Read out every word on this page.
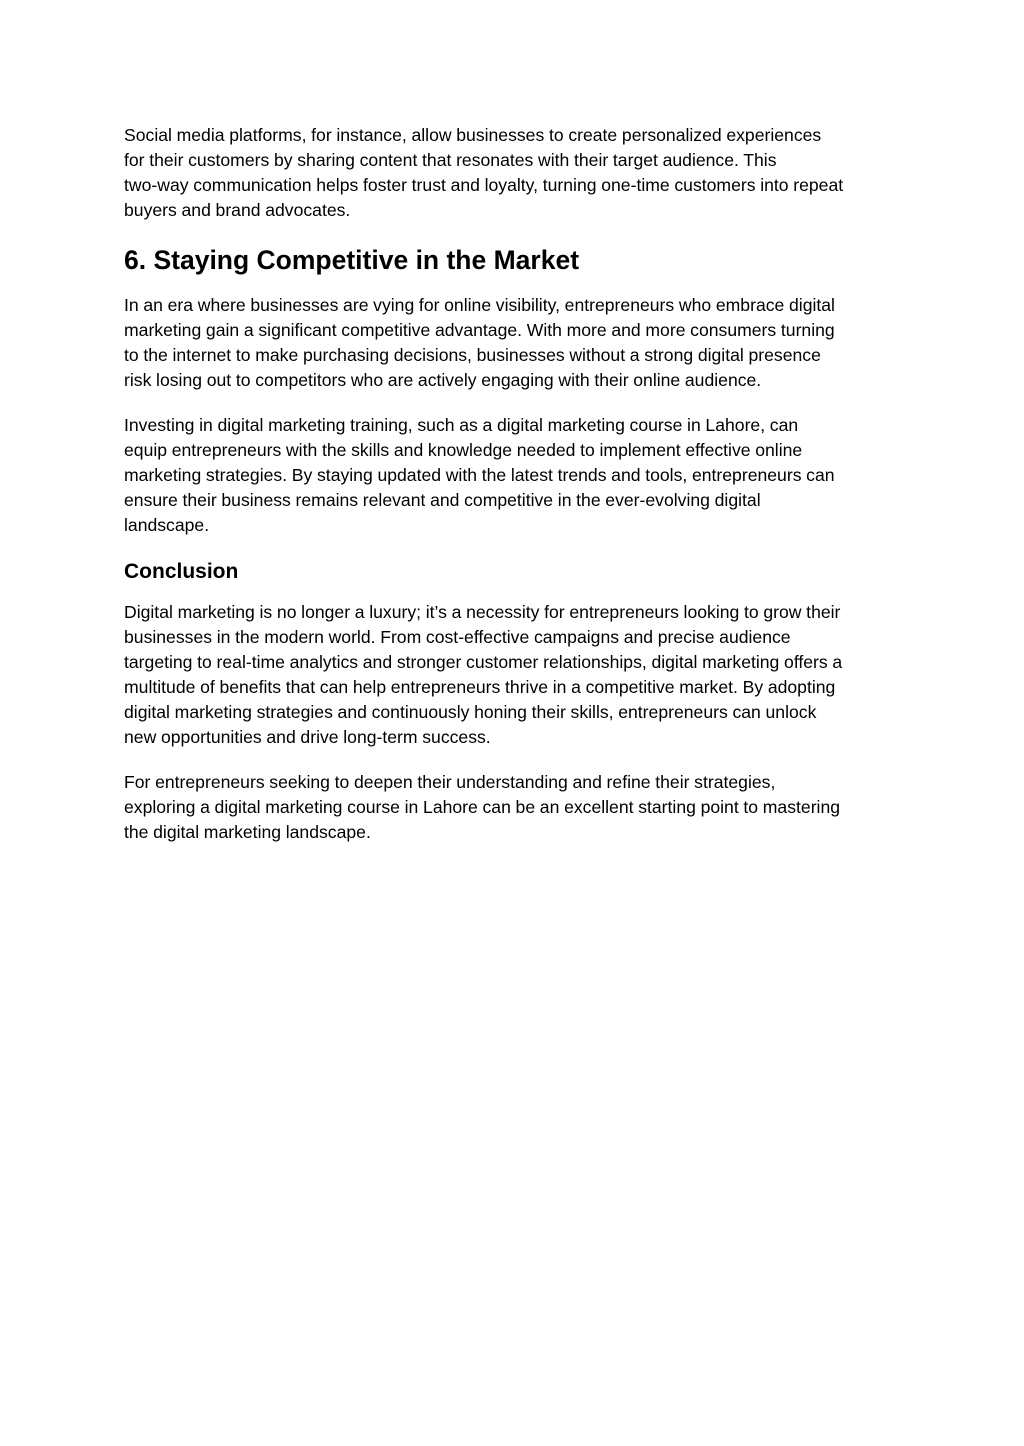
Social media platforms, for instance, allow businesses to create personalized experiences
for their customers by sharing content that resonates with their target audience. This
two-way communication helps foster trust and loyalty, turning one-time customers into repeat
buyers and brand advocates.

6. Staying Competitive in the Market

In an era where businesses are vying for online visibility, entrepreneurs who embrace digital
marketing gain a significant competitive advantage. With more and more consumers turning
to the internet to make purchasing decisions, businesses without a strong digital presence
risk losing out to competitors who are actively engaging with their online audience.

Investing in digital marketing training, such as a digital marketing course in Lahore, can
equip entrepreneurs with the skills and knowledge needed to implement effective online
marketing strategies. By staying updated with the latest trends and tools, entrepreneurs can
ensure their business remains relevant and competitive in the ever-evolving digital
landscape.

Conclusion

Digital marketing is no longer a luxury; it’s a necessity for entrepreneurs looking to grow their
businesses in the modern world. From cost-effective campaigns and precise audience
targeting to real-time analytics and stronger customer relationships, digital marketing offers a
multitude of benefits that can help entrepreneurs thrive in a competitive market. By adopting
digital marketing strategies and continuously honing their skills, entrepreneurs can unlock
new opportunities and drive long-term success.

For entrepreneurs seeking to deepen their understanding and refine their strategies,
exploring a digital marketing course in Lahore can be an excellent starting point to mastering
the digital marketing landscape.
